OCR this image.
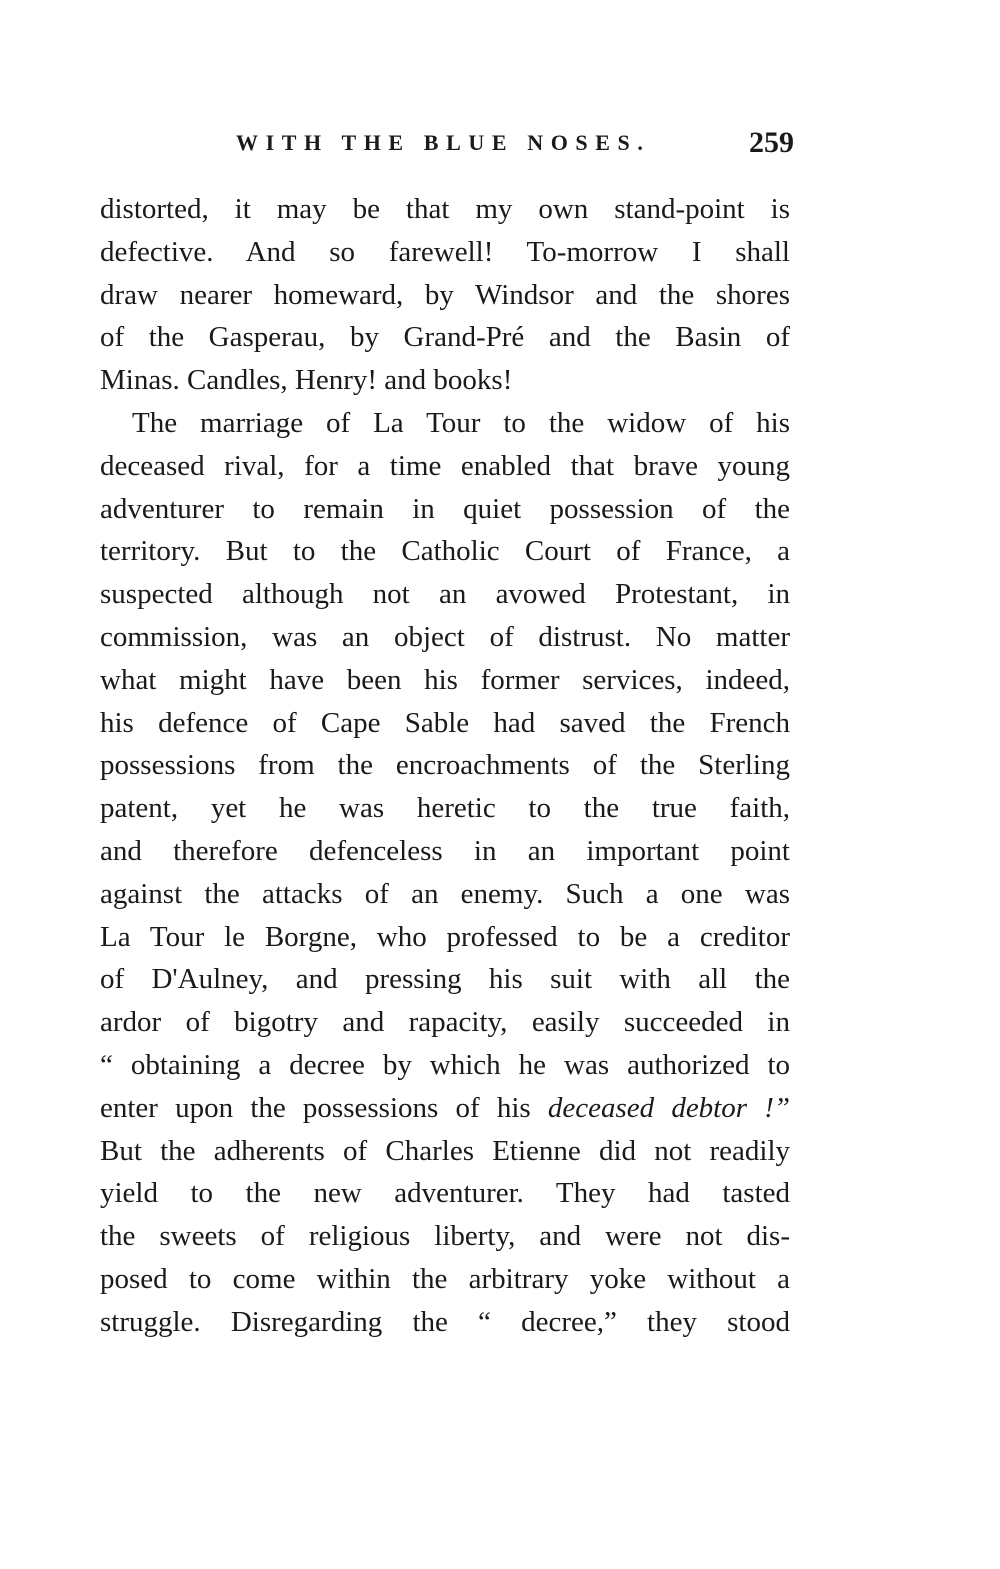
WITH THE BLUE NOSES.	259
distorted, it may be that my own stand-point is
defective. And so farewell! To-morrow I shall
draw nearer homeward, by Windsor and the shores
of the Gasperau, by Grand-Pré and the Basin of
Minas. Candles, Henry! and books!
The marriage of La Tour to the widow of his
deceased rival, for a time enabled that brave young
adventurer to remain in quiet possession of the
territory. But to the Catholic Court of France, a
suspected although not an avowed Protestant, in
commission, was an object of distrust. No matter
what might have been his former services, indeed,
his defence of Cape Sable had saved the French
possessions from the encroachments of the Sterling
patent, yet he was heretic to the true faith,
and therefore defenceless in an important point
against the attacks of an enemy. Such a one was
La Tour le Borgne, who professed to be a creditor
of D'Aulney, and pressing his suit with all the
ardor of bigotry and rapacity, easily succeeded in
“ obtaining a decree by which he was authorized to
enter upon the possessions of his deceased debtor !”
But the adherents of Charles Etienne did not readily
yield to the new adventurer. They had tasted
the sweets of religious liberty, and were not dis-
posed to come within the arbitrary yoke without a
struggle. Disregarding the “ decree,” they stood
